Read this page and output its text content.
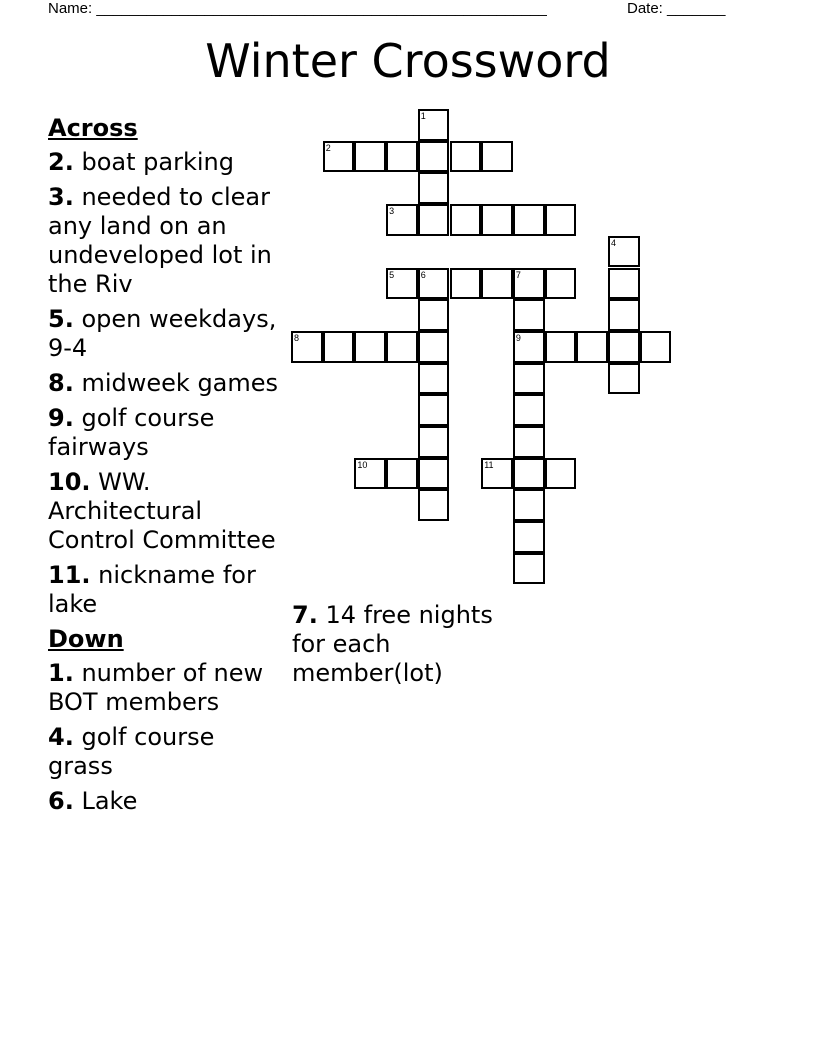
Name: ______________________________________________________	Date: _______
Winter Crossword
Across
2. boat parking
3. needed to clear any land on an undeveloped lot in the Riv
5. open weekdays, 9-4
8. midweek games
9. golf course fairways
10. WW. Architectural Control Committee
11. nickname for lake
Down
1. number of new BOT members
4. golf course grass
6. Lake
7. 14 free nights for each member(lot)
1
2
3
4
5	6	7
9
8
10	11
